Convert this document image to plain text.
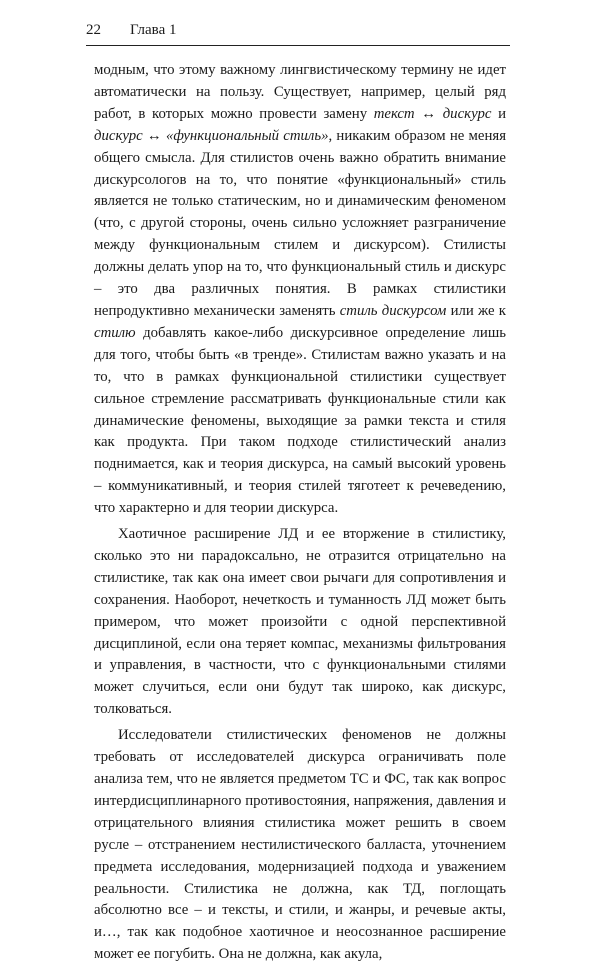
22 Глава 1

модным, что этому важному лингвистическому термину не идет автоматически на пользу. Существует, например, целый ряд работ, в которых можно провести замену текст ↔ дискурс и дискурс ↔ «функциональный стиль», никаким образом не меняя общего смысла. Для стилистов очень важно обратить внимание дискурсологов на то, что понятие «функциональный» стиль является не только статическим, но и динамическим феноменом (что, с другой стороны, очень сильно усложняет разграничение между функциональным стилем и дискурсом). Стилисты должны делать упор на то, что функциональный стиль и дискурс – это два различных понятия. В рамках стилистики непродуктивно механически заменять стиль дискурсом или же к стилю добавлять какое-либо дискурсивное определение лишь для того, чтобы быть «в тренде». Стилистам важно указать и на то, что в рамках функциональной стилистики существует сильное стремление рассматривать функциональные стили как динамические феномены, выходящие за рамки текста и стиля как продукта. При таком подходе стилистический анализ поднимается, как и теория дискурса, на самый высокий уровень – коммуникативный, и теория стилей тяготеет к речеведению, что характерно и для теории дискурса.

Хаотичное расширение ЛД и ее вторжение в стилистику, сколько это ни парадоксально, не отразится отрицательно на стилистике, так как она имеет свои рычаги для сопротивления и сохранения. Наоборот, нечеткость и туманность ЛД может быть примером, что может произойти с одной перспективной дисциплиной, если она теряет компас, механизмы фильтрования и управления, в частности, что с функциональными стилями может случиться, если они будут так широко, как дискурс, толковаться.

Исследователи стилистических феноменов не должны требовать от исследователей дискурса ограничивать поле анализа тем, что не является предметом ТС и ФС, так как вопрос интердисциплинарного противостояния, напряжения, давления и отрицательного влияния стилистика может решить в своем русле – отстранением нестилистического балласта, уточнением предмета исследования, модернизацией подхода и уважением реальности. Стилистика не должна, как ТД, поглощать абсолютно все – и тексты, и стили, и жанры, и речевые акты, и…, так как подобное хаотичное и неосознанное расширение может ее погубить. Она не должна, как акула,
